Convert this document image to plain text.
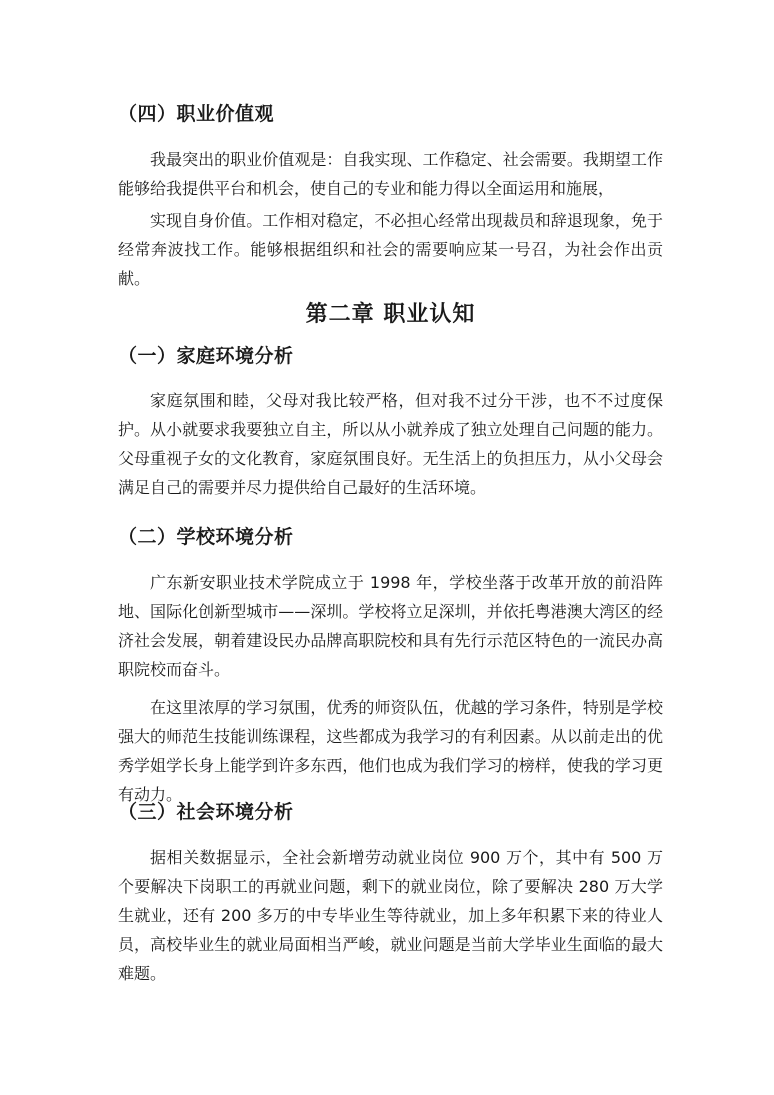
（四）职业价值观

我最突出的职业价值观是：自我实现、工作稳定、社会需要。我期望工作能够给我提供平台和机会，使自己的专业和能力得以全面运用和施展，

实现自身价值。工作相对稳定，不必担心经常出现裁员和辞退现象，免于经常奔波找工作。能够根据组织和社会的需要响应某一号召，为社会作出贡献。

第二章 职业认知
（一）家庭环境分析

家庭氛围和睦，父母对我比较严格，但对我不过分干涉，也不不过度保护。从小就要求我要独立自主，所以从小就养成了独立处理自己问题的能力。父母重视子女的文化教育，家庭氛围良好。无生活上的负担压力，从小父母会满足自己的需要并尽力提供给自己最好的生活环境。

（二）学校环境分析

广东新安职业技术学院成立于 1998 年，学校坐落于改革开放的前沿阵地、国际化创新型城市——深圳。学校将立足深圳，并依托粤港澳大湾区的经济社会发展，朝着建设民办品牌高职院校和具有先行示范区特色的一流民办高职院校而奋斗。

在这里浓厚的学习氛围，优秀的师资队伍，优越的学习条件，特别是学校强大的师范生技能训练课程，这些都成为我学习的有利因素。从以前走出的优秀学姐学长身上能学到许多东西，他们也成为我们学习的榜样，使我的学习更有动力。

（三）社会环境分析

据相关数据显示，全社会新增劳动就业岗位 900 万个，其中有 500 万个要解决下岗职工的再就业问题，剩下的就业岗位，除了要解决 280 万大学生就业，还有 200 多万的中专毕业生等待就业，加上多年积累下来的待业人员，高校毕业生的就业局面相当严峻，就业问题是当前大学毕业生面临的最大难题。
